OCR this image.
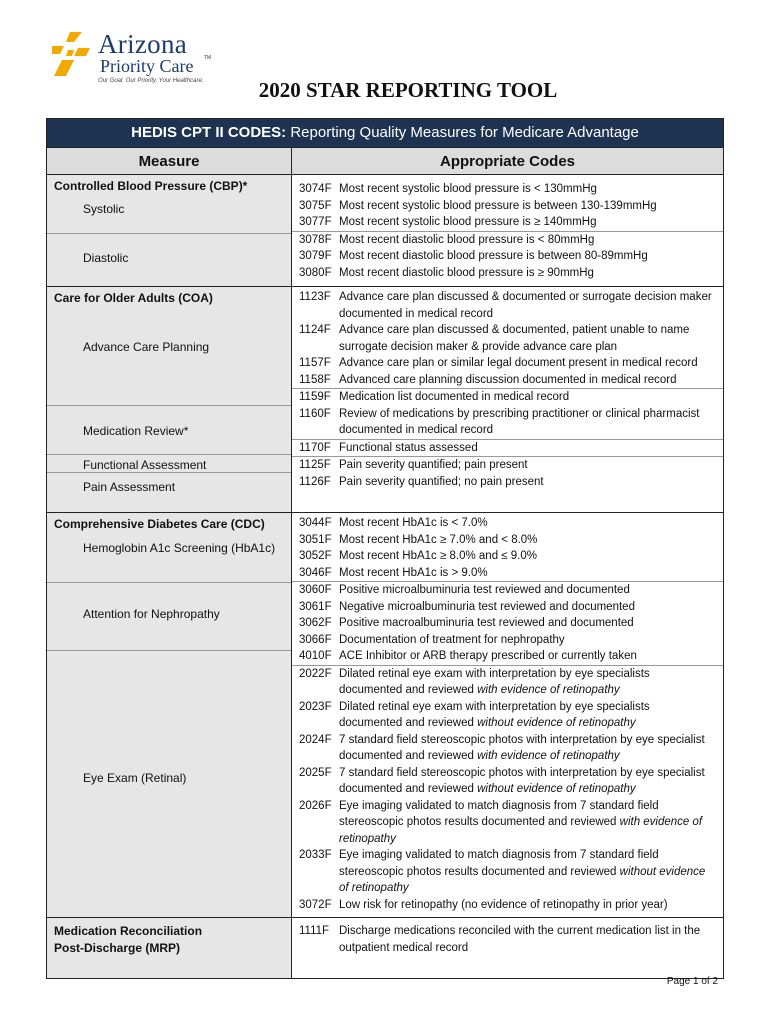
Arizona
Priority Care TM
Our Goal. Our Priority. Your Healthcare.	2020 STAR REPORTING TOOL
HEDIS CPT II CODES: Reporting Quality Measures for Medicare Advantage
Measure	Appropriate Codes
Controlled Blood Pressure (CBP)*
Systolic
Diastolic
3074F Most recent systolic blood pressure is < 130mmHg
3075F Most recent systolic blood pressure is between 130-139mmHg
3077F Most recent systolic blood pressure is ≥ 140mmHg
3078F Most recent diastolic blood pressure is < 80mmHg
3079F Most recent diastolic blood pressure is between 80-89mmHg
3080F Most recent diastolic blood pressure is ≥ 90mmHg
Care for Older Adults (COA)
Advance Care Planning
Medication Review*
Functional Assessment
Pain Assessment
1123F Advance care plan discussed & documented or surrogate decision maker documented in medical record
1124F Advance care plan discussed & documented, patient unable to name surrogate decision maker & provide advance care plan
1157F Advance care plan or similar legal document present in medical record
1158F Advanced care planning discussion documented in medical record
1159F Medication list documented in medical record
1160F Review of medications by prescribing practitioner or clinical pharmacist documented in medical record
1170F Functional status assessed
1125F Pain severity quantified; pain present
1126F Pain severity quantified; no pain present
Comprehensive Diabetes Care (CDC)
Hemoglobin A1c Screening (HbA1c)
Attention for Nephropathy
Eye Exam (Retinal)
3044F Most recent HbA1c is < 7.0%
3051F Most recent HbA1c ≥ 7.0% and < 8.0%
3052F Most recent HbA1c ≥ 8.0% and ≤ 9.0%
3046F Most recent HbA1c is > 9.0%
3060F Positive microalbuminuria test reviewed and documented
3061F Negative microalbuminuria test reviewed and documented
3062F Positive macroalbuminuria test reviewed and documented
3066F Documentation of treatment for nephropathy
4010F ACE Inhibitor or ARB therapy prescribed or currently taken
2022F Dilated retinal eye exam with interpretation by eye specialists documented and reviewed with evidence of retinopathy
2023F Dilated retinal eye exam with interpretation by eye specialists documented and reviewed without evidence of retinopathy
2024F 7 standard field stereoscopic photos with interpretation by eye specialist documented and reviewed with evidence of retinopathy
2025F 7 standard field stereoscopic photos with interpretation by eye specialist documented and reviewed without evidence of retinopathy
2026F Eye imaging validated to match diagnosis from 7 standard field stereoscopic photos results documented and reviewed with evidence of retinopathy
2033F Eye imaging validated to match diagnosis from 7 standard field stereoscopic photos results documented and reviewed without evidence of retinopathy
3072F Low risk for retinopathy (no evidence of retinopathy in prior year)
Medication Reconciliation
Post-Discharge (MRP)
1111F Discharge medications reconciled with the current medication list in the outpatient medical record
Page 1 of 2
